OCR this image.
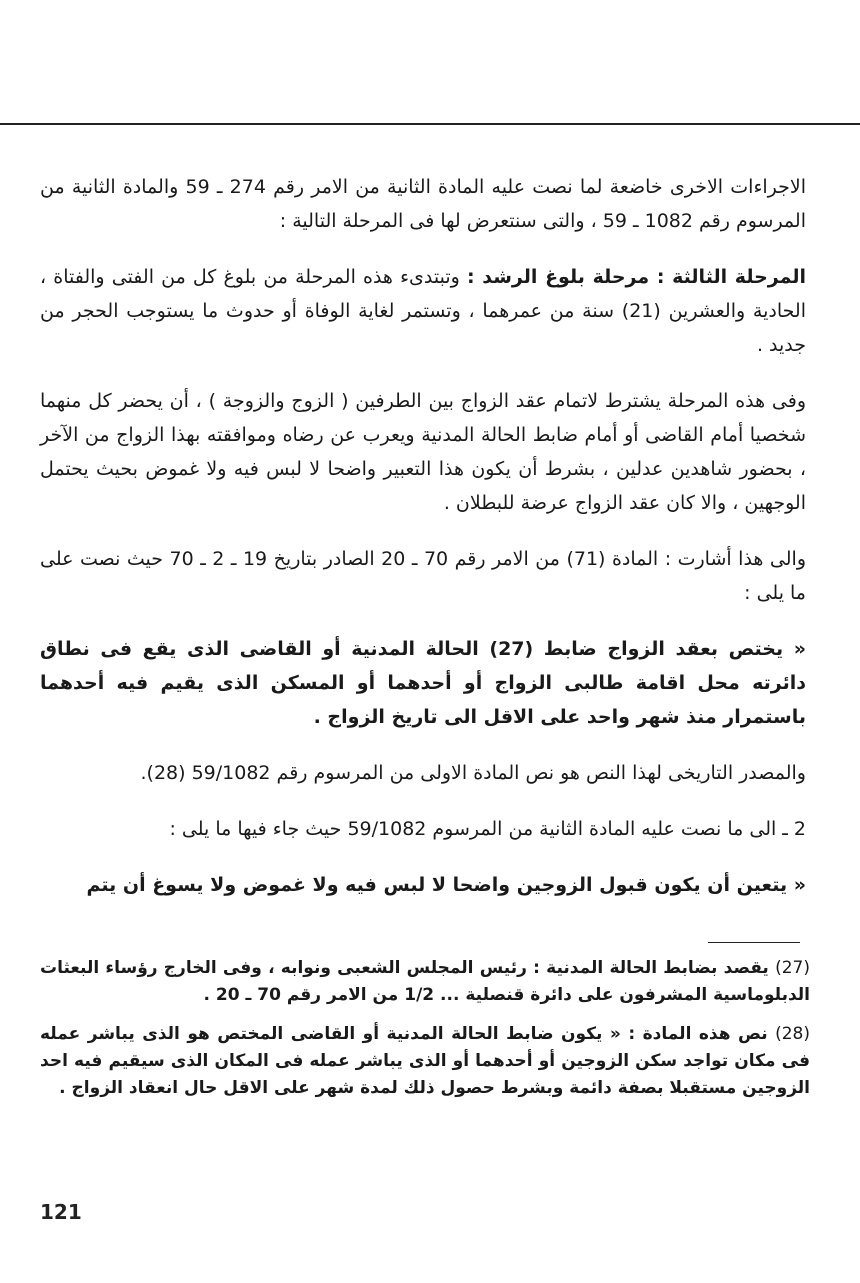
الاجراءات الاخرى خاضعة لما نصت عليه المادة الثانية من الامر رقم 274 ـ 59 والمادة الثانية من المرسوم رقم 1082 ـ 59 ، والتى سنتعرض لها فى المرحلة التالية :

المرحلة الثالثة : مرحلة بلوغ الرشد : وتبتدىء هذه المرحلة من بلوغ كل من الفتى والفتاة ، الحادية والعشرين (21) سنة من عمرهما ، وتستمر لغاية الوفاة أو حدوث ما يستوجب الحجر من جديد .

وفى هذه المرحلة يشترط لاتمام عقد الزواج بين الطرفين ( الزوج والزوجة ) ، أن يحضر كل منهما شخصيا أمام القاضى أو أمام ضابط الحالة المدنية ويعرب عن رضاه وموافقته بهذا الزواج من الآخر ، بحضور شاهدين عدلين ، بشرط أن يكون هذا التعبير واضحا لا لبس فيه ولا غموض بحيث يحتمل الوجهين ، والا كان عقد الزواج عرضة للبطلان .

والى هذا أشارت : المادة (71) من الامر رقم 70 ـ 20 الصادر بتاريخ 19 ـ 2 ـ 70 حيث نصت على ما يلى :

« يختص بعقد الزواج ضابط (27) الحالة المدنية أو القاضى الذى يقع فى نطاق دائرته محل اقامة طالبى الزواج أو أحدهما أو المسكن الذى يقيم فيه أحدهما باستمرار منذ شهر واحد على الاقل الى تاريخ الزواج .

والمصدر التاريخى لهذا النص هو نص المادة الاولى من المرسوم رقم 59/1082 (28).

2 ـ الى ما نصت عليه المادة الثانية من المرسوم 59/1082 حيث جاء فيها ما يلى :

« يتعين أن يكون قبول الزوجين واضحا لا لبس فيه ولا غموض ولا يسوغ أن يتم

(27) يقصد بضابط الحالة المدنية : رئيس المجلس الشعبى ونوابه ، وفى الخارج رؤساء البعثات الدبلوماسية المشرفون على دائرة قنصلية ... 1/2 من الامر رقم 70 ـ 20 .

(28) نص هذه المادة : « يكون ضابط الحالة المدنية أو القاضى المختص هو الذى يباشر عمله فى مكان تواجد سكن الزوجين أو أحدهما أو الذى يباشر عمله فى المكان الذى سيقيم فيه احد الزوجين مستقبلا بصفة دائمة وبشرط حصول ذلك لمدة شهر على الاقل حال انعقاد الزواج .

121
